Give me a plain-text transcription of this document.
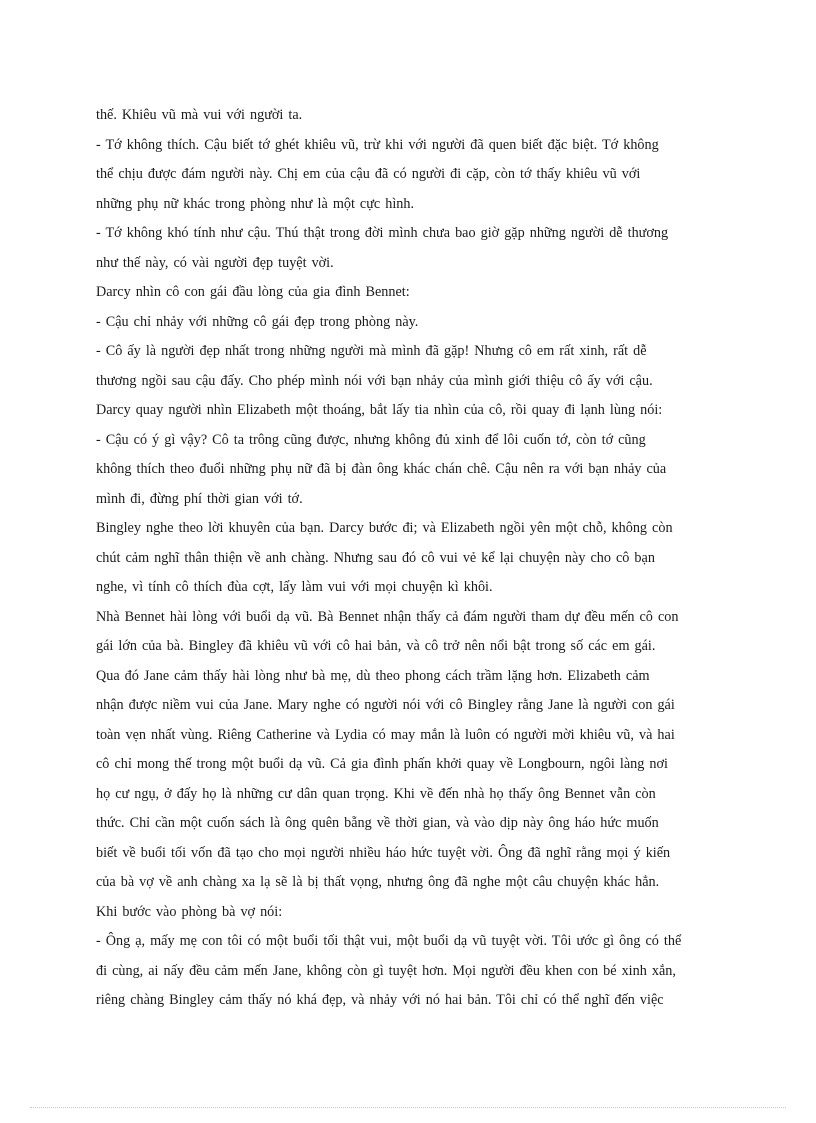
thế. Khiêu vũ mà vui với người ta.
- Tớ không thích. Cậu biết tớ ghét khiêu vũ, trừ khi với người đã quen biết đặc biệt. Tớ không
thể chịu được đám người này. Chị em của cậu đã có người đi cặp, còn tớ thấy khiêu vũ với
những phụ nữ khác trong phòng như là một cực hình.
- Tớ không khó tính như cậu. Thú thật trong đời mình chưa bao giờ gặp những người dễ thương
như thế này, có vài người đẹp tuyệt vời.
Darcy nhìn cô con gái đầu lòng của gia đình Bennet:
- Cậu chỉ nhảy với những cô gái đẹp trong phòng này.
- Cô ấy là người đẹp nhất trong những người mà mình đã gặp! Nhưng cô em rất xinh, rất dễ
thương ngồi sau cậu đấy. Cho phép mình nói với bạn nhảy của mình giới thiệu cô ấy với cậu.
Darcy quay người nhìn Elizabeth một thoáng, bắt lấy tia nhìn của cô, rồi quay đi lạnh lùng nói:
- Cậu có ý gì vậy? Cô ta trông cũng được, nhưng không đủ xinh để lôi cuốn tớ, còn tớ cũng
không thích theo đuổi những phụ nữ đã bị đàn ông khác chán chê. Cậu nên ra với bạn nhảy của
mình đi, đừng phí thời gian với tớ.
Bingley nghe theo lời khuyên của bạn. Darcy bước đi; và Elizabeth ngồi yên một chỗ, không còn
chút cảm nghĩ thân thiện về anh chàng. Nhưng sau đó cô vui vẻ kể lại chuyện này cho cô bạn
nghe, vì tính cô thích đùa cợt, lấy làm vui với mọi chuyện kì khôi.
Nhà Bennet hài lòng với buổi dạ vũ. Bà Bennet nhận thấy cả đám người tham dự đều mến cô con
gái lớn của bà. Bingley đã khiêu vũ với cô hai bản, và cô trở nên nổi bật trong số các em gái.
Qua đó Jane cảm thấy hài lòng như bà mẹ, dù theo phong cách trầm lặng hơn. Elizabeth cảm
nhận được niềm vui của Jane. Mary nghe có người nói với cô Bingley rằng Jane là người con gái
toàn vẹn nhất vùng. Riêng Catherine và Lydia có may mắn là luôn có người mời khiêu vũ, và hai
cô chỉ mong thế trong một buổi dạ vũ. Cả gia đình phấn khởi quay về Longbourn, ngôi làng nơi
họ cư ngụ, ở đấy họ là những cư dân quan trọng. Khi về đến nhà họ thấy ông Bennet vẫn còn
thức. Chỉ cần một cuốn sách là ông quên bẵng về thời gian, và vào dịp này ông háo hức muốn
biết về buổi tối vốn đã tạo cho mọi người nhiều háo hức tuyệt vời. Ông đã nghĩ rằng mọi ý kiến
của bà vợ về anh chàng xa lạ sẽ là bị thất vọng, nhưng ông đã nghe một câu chuyện khác hẳn.
Khi bước vào phòng bà vợ nói:
- Ông ạ, mấy mẹ con tôi có một buổi tối thật vui, một buổi dạ vũ tuyệt vời. Tôi ước gì ông có thể
đi cùng, ai nấy đều cảm mến Jane, không còn gì tuyệt hơn. Mọi người đều khen con bé xinh xắn,
riêng chàng Bingley cảm thấy nó khá đẹp, và nhảy với nó hai bản. Tôi chỉ có thể nghĩ đến việc
